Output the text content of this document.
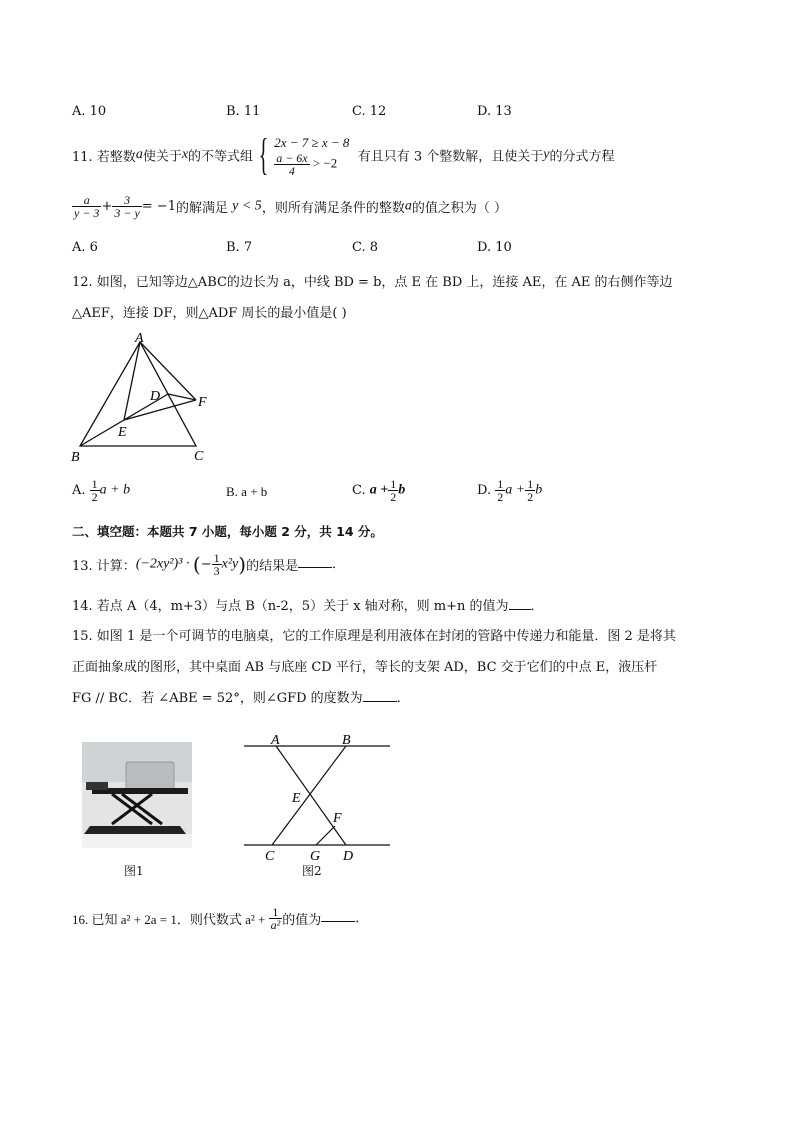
A. 10	B. 11	C. 12	D. 13
11. 若整数a使关于x的不等式组 { 2x − 7 ≥ x − 8
$\frac{a - 6x}{4} > -2$	有且只有 3 个整数解，且使关于y的分式方程
$\frac{a}{y - 3} + \frac{3}{3 - y} = -1$的解满足 y < 5，则所有满足条件的整数a的值之积为（ ）
A. 6	B. 7	C. 8	D. 10
12. 如图，已知等边△ABC的边长为 a，中线 BD = b，点 E 在 BD 上，连接 AE，在 AE 的右侧作等边
△AEF，连接 DF，则△ADF 周长的最小值是( )
A
B	C
D
E
F
A. $\frac{1}{2}$ a + b	B. a + b	C. $a + \frac{1}{2}$ b	D. $\frac{1}{2}$ $a + \frac{1}{2}$ b
二、填空题：本题共 7 小题，每小题 2 分，共 14 分。
13. 计算：(−2xy²)³ · (− $\frac{1}{3} x^2y$)的结果是	．
14. 若点 A（4，m+3）与点 B（n-2，5）关于 x 轴对称，则 m+n 的值为 ．
15. 如图 1 是一个可调节的电脑桌，它的工作原理是利用液体在封闭的管路中传递力和能量．图 2 是将其
正面抽象成的图形，其中桌面 AB 与底座 CD 平行，等长的支架 AD，BC 交于它们的中点 E，液压杆
FG // BC．若 ∠ABE = 52°，则∠GFD 的度数为	．
图1
A	B
C	D
E
F
G
图2
16. 已知 a² + 2a = 1．则代数式 $a^2 + \frac{1}{\text{a²}}$ 的值为	．
